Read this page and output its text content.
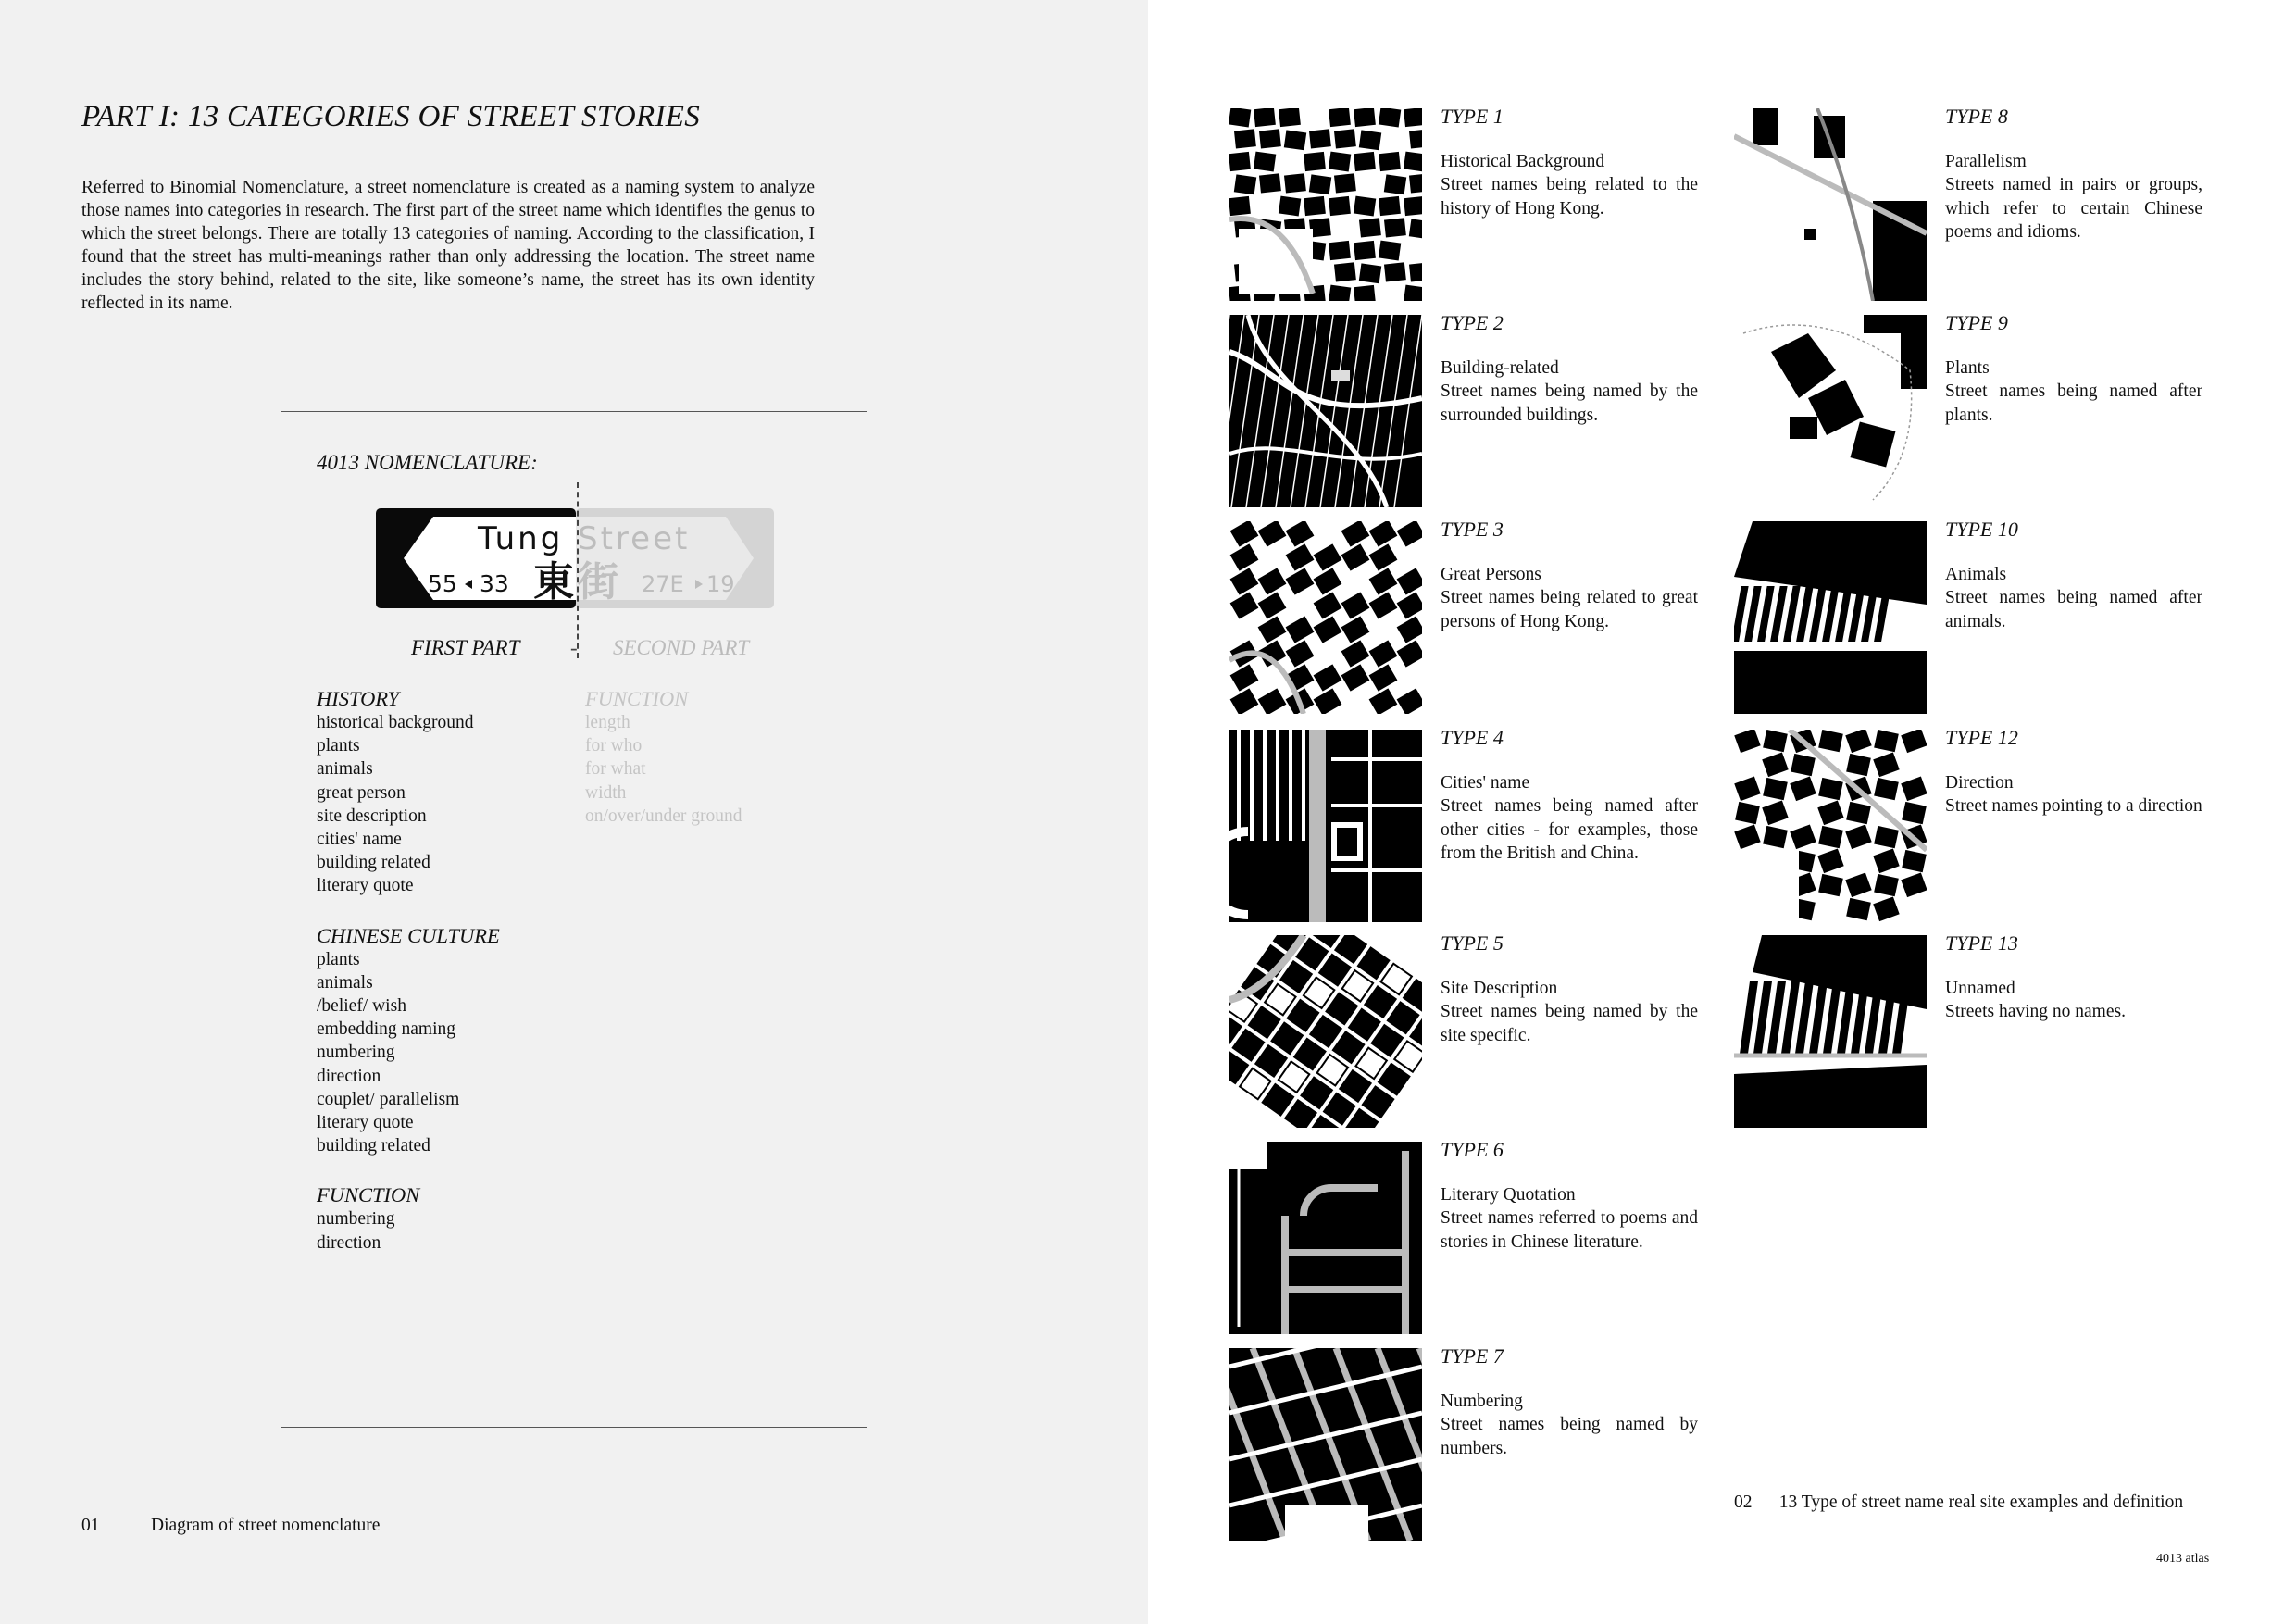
PART I: 13 CATEGORIES OF STREET STORIES
Referred to Binomial Nomenclature, a street nomenclature is created as a naming system to analyze those names into categories in research. The first part of the street name which identifies the genus to which the street belongs. There are totally 13 categories of naming. According to the classification, I found that the street has multi-meanings rather than only addressing the location. The street name includes the story behind, related to the site, like someone’s name, the street has its own identity reflected in its name.
4013 NOMENCLATURE:
Tung Street
55 33 東 街 27E 19
FIRST PART - SECOND PART
HISTORY
historical background
plants
animals
great person
site description
cities' name
building related
literary quote
CHINESE CULTURE
plants
animals
/belief/ wish
embedding naming
numbering
direction
couplet/ parallelism
literary quote
building related
FUNCTION
numbering
direction
FUNCTION
length
for who
for what
width
on/over/under ground
01	Diagram of street nomenclature
TYPE 1
Historical Background
Street names being related to the history of Hong Kong.
TYPE 2
Building-related
Street names being named by the surrounded buildings.
TYPE 3
Great Persons
Street names being related to great persons of Hong Kong.
TYPE 4
Cities' name
Street names being named after other cities - for examples, those from the British and China.
TYPE 5
Site Description
Street names being named by the site specific.
TYPE 6
Literary Quotation
Street names referred to poems and stories in Chinese literature.
TYPE 7
Numbering
Street names being named by numbers.
TYPE 8
Parallelism
Streets named in pairs or groups, which refer to certain Chinese poems and idioms.
TYPE 9
Plants
Street names being named after plants.
TYPE 10
Animals
Street names being named after animals.
TYPE 12
Direction
Street names pointing to a direction
TYPE 13
Unnamed
Streets having no names.
02 13 Type of street name real site examples and definition
4013 atlas
